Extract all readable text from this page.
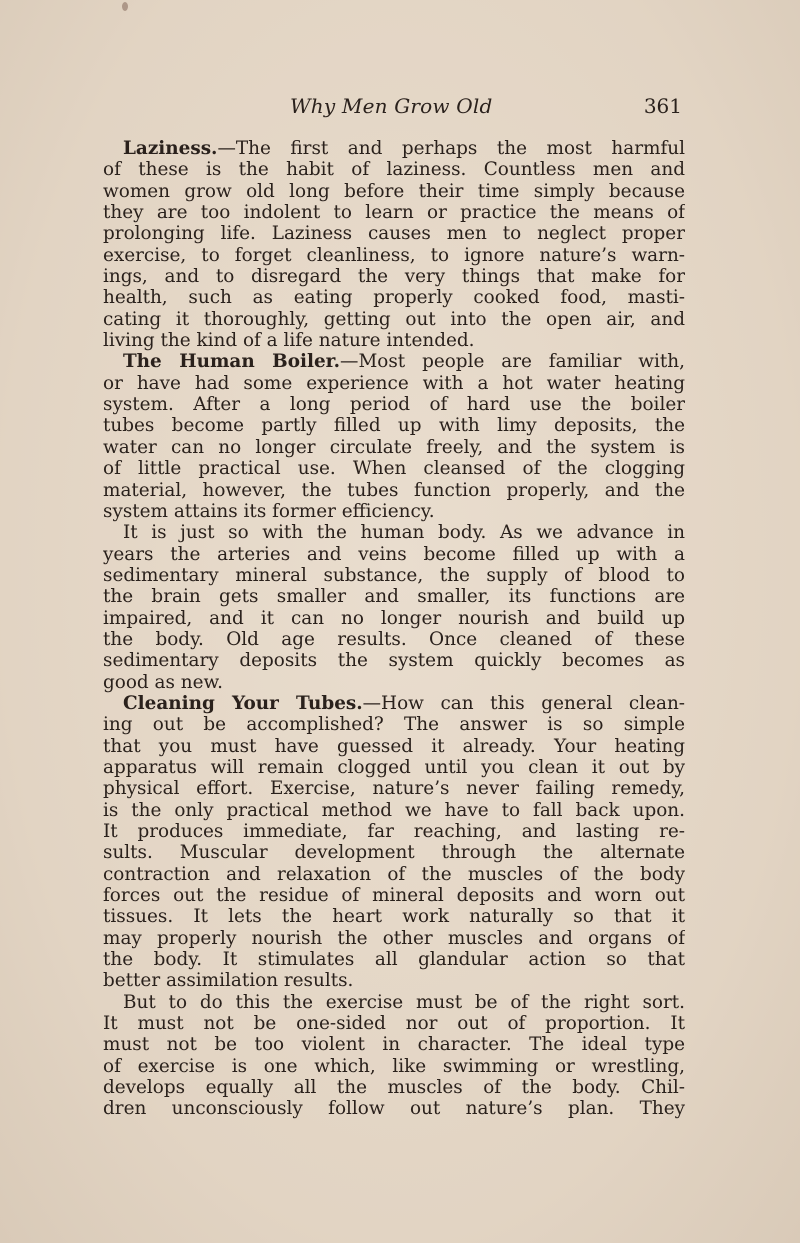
Why Men Grow Old	361
Laziness.—The first and perhaps the most harmful
of these is the habit of laziness. Countless men and
women grow old long before their time simply because
they are too indolent to learn or practice the means of
prolonging life. Laziness causes men to neglect proper
exercise, to forget cleanliness, to ignore nature’s warn-
ings, and to disregard the very things that make for
health, such as eating properly cooked food, masti-
cating it thoroughly, getting out into the open air, and
living the kind of a life nature intended.
The Human Boiler.—Most people are familiar with,
or have had some experience with a hot water heating
system. After a long period of hard use the boiler
tubes become partly filled up with limy deposits, the
water can no longer circulate freely, and the system is
of little practical use. When cleansed of the clogging
material, however, the tubes function properly, and the
system attains its former efficiency.
It is just so with the human body. As we advance in
years the arteries and veins become filled up with a
sedimentary mineral substance, the supply of blood to
the brain gets smaller and smaller, its functions are
impaired, and it can no longer nourish and build up
the body. Old age results. Once cleaned of these
sedimentary deposits the system quickly becomes as
good as new.
Cleaning Your Tubes.—How can this general clean-
ing out be accomplished? The answer is so simple
that you must have guessed it already. Your heating
apparatus will remain clogged until you clean it out by
physical effort. Exercise, nature’s never failing remedy,
is the only practical method we have to fall back upon.
It produces immediate, far reaching, and lasting re-
sults. Muscular development through the alternate
contraction and relaxation of the muscles of the body
forces out the residue of mineral deposits and worn out
tissues. It lets the heart work naturally so that it
may properly nourish the other muscles and organs of
the body. It stimulates all glandular action so that
better assimilation results.
But to do this the exercise must be of the right sort.
It must not be one-sided nor out of proportion. It
must not be too violent in character. The ideal type
of exercise is one which, like swimming or wrestling,
develops equally all the muscles of the body. Chil-
dren unconsciously follow out nature’s plan. They
